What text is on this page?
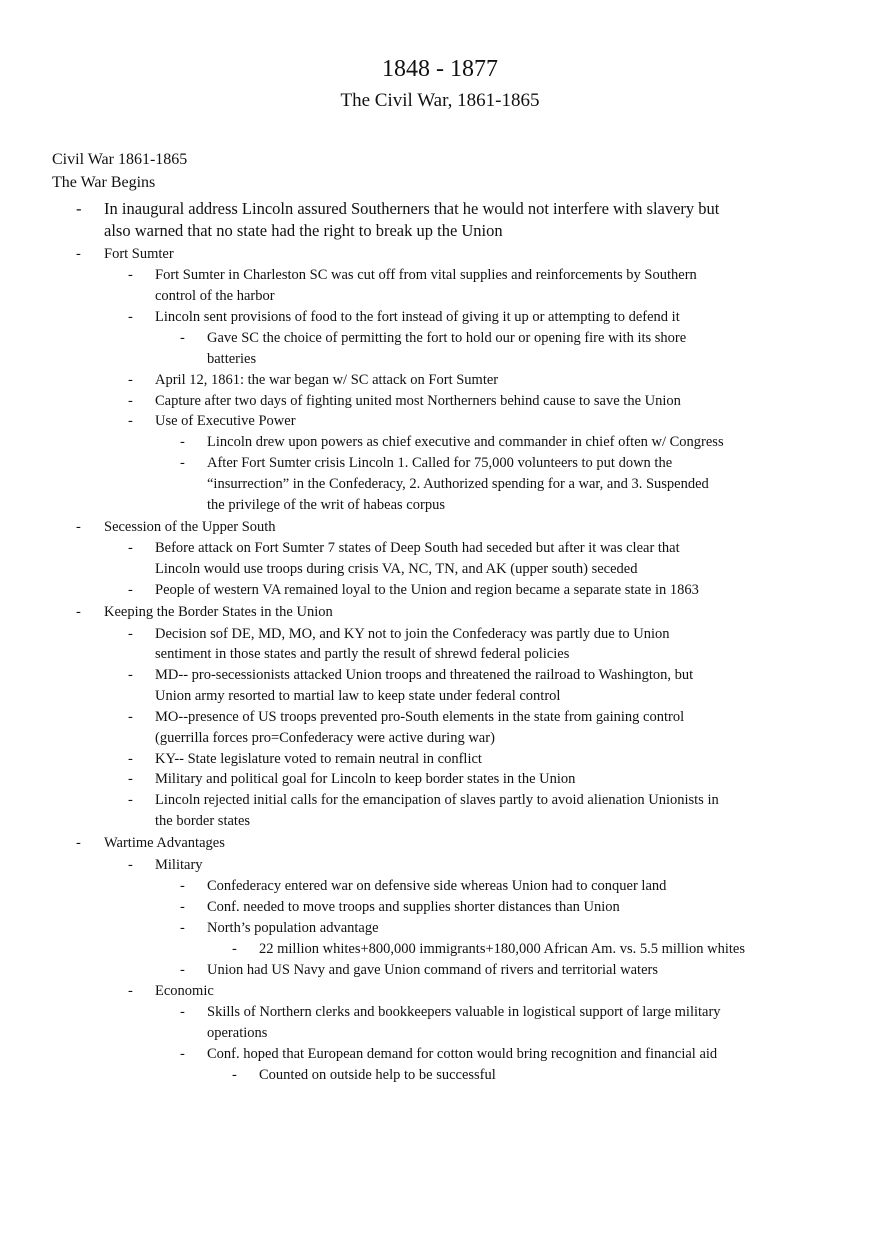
1848 - 1877
The Civil War, 1861-1865
Civil War 1861-1865
The War Begins
- In inaugural address Lincoln assured Southerners that he would not interfere with slavery but
also warned that no state had the right to break up the Union
- Fort Sumter
- Fort Sumter in Charleston SC was cut off from vital supplies and reinforcements by Southern
control of the harbor
- Lincoln sent provisions of food to the fort instead of giving it up or attempting to defend it
- Gave SC the choice of permitting the fort to hold our or opening fire with its shore
batteries
- April 12, 1861: the war began w/ SC attack on Fort Sumter
- Capture after two days of fighting united most Northerners behind cause to save the Union
- Use of Executive Power
- Lincoln drew upon powers as chief executive and commander in chief often w/ Congress
- After Fort Sumter crisis Lincoln 1. Called for 75,000 volunteers to put down the
“insurrection” in the Confederacy, 2. Authorized spending for a war, and 3. Suspended
the privilege of the writ of habeas corpus
- Secession of the Upper South
- Before attack on Fort Sumter 7 states of Deep South had seceded but after it was clear that
Lincoln would use troops during crisis VA, NC, TN, and AK (upper south) seceded
- People of western VA remained loyal to the Union and region became a separate state in 1863
- Keeping the Border States in the Union
- Decision sof DE, MD, MO, and KY not to join the Confederacy was partly due to Union
sentiment in those states and partly the result of shrewd federal policies
- MD-- pro-secessionists attacked Union troops and threatened the railroad to Washington, but
Union army resorted to martial law to keep state under federal control
- MO--presence of US troops prevented pro-South elements in the state from gaining control
(guerrilla forces pro=Confederacy were active during war)
- KY-- State legislature voted to remain neutral in conflict
- Military and political goal for Lincoln to keep border states in the Union
- Lincoln rejected initial calls for the emancipation of slaves partly to avoid alienation Unionists in
the border states
- Wartime Advantages
- Military
- Confederacy entered war on defensive side whereas Union had to conquer land
- Conf. needed to move troops and supplies shorter distances than Union
- North’s population advantage
- 22 million whites+800,000 immigrants+180,000 African Am. vs. 5.5 million whites
- Union had US Navy and gave Union command of rivers and territorial waters
- Economic
- Skills of Northern clerks and bookkeepers valuable in logistical support of large military
operations
- Conf. hoped that European demand for cotton would bring recognition and financial aid
- Counted on outside help to be successful
